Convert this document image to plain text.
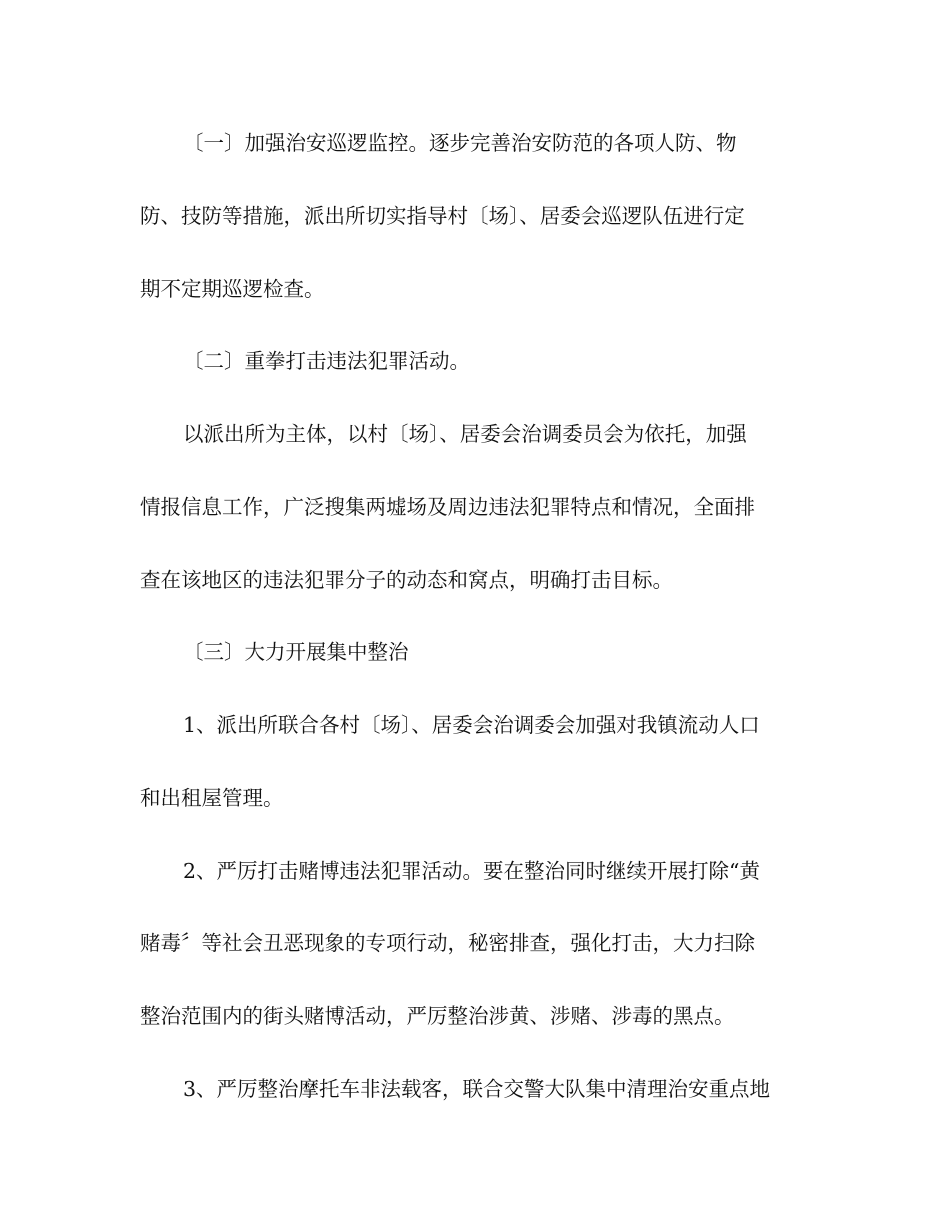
〔一〕加强治安巡逻监控。逐步完善治安防范的各项人防、物
防、技防等措施，派出所切实指导村〔场〕、居委会巡逻队伍进行定
期不定期巡逻检查。
〔二〕重拳打击违法犯罪活动。
以派出所为主体，以村〔场〕、居委会治调委员会为依托，加强
情报信息工作，广泛搜集两墟场及周边违法犯罪特点和情况，全面排
查在该地区的违法犯罪分子的动态和窝点，明确打击目标。
〔三〕大力开展集中整治
1、派出所联合各村〔场〕、居委会治调委会加强对我镇流动人口
和出租屋管理。
2、严厉打击赌博违法犯罪活动。要在整治同时继续开展打除“黄
赌毒〞等社会丑恶现象的专项行动，秘密排查，强化打击，大力扫除
整治范围内的街头赌博活动，严厉整治涉黄、涉赌、涉毒的黑点。
3、严厉整治摩托车非法载客，联合交警大队集中清理治安重点地
